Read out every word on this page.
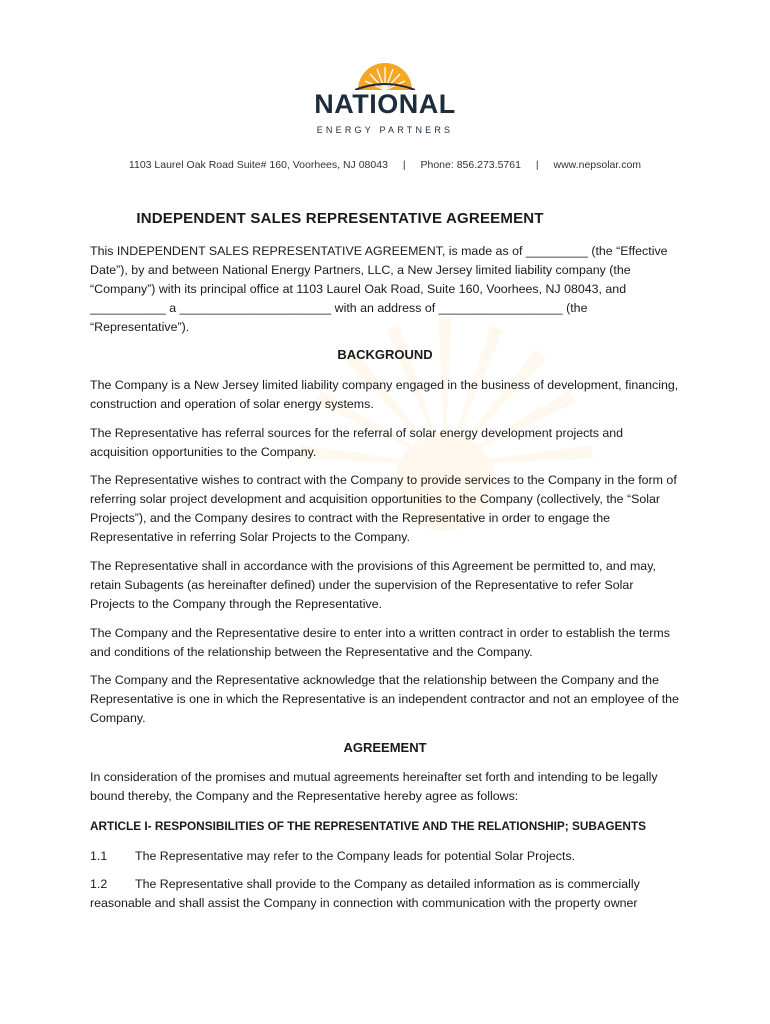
NATIONAL
ENERGY PARTNERS
1103 Laurel Oak Road Suite# 160, Voorhees, NJ 08043 | Phone: 856.273.5761 | www.nepsolar.com
INDEPENDENT SALES REPRESENTATIVE AGREEMENT

This INDEPENDENT SALES REPRESENTATIVE AGREEMENT, is made as of _________ (the “Effective Date”), by and between National Energy Partners, LLC, a New Jersey limited liability company (the “Company”) with its principal office at 1103 Laurel Oak Road, Suite 160, Voorhees, NJ 08043, and ___________ a ______________________ with an address of __________________ (the “Representative”).

BACKGROUND

The Company is a New Jersey limited liability company engaged in the business of development, financing, construction and operation of solar energy systems.

The Representative has referral sources for the referral of solar energy development projects and acquisition opportunities to the Company.

The Representative wishes to contract with the Company to provide services to the Company in the form of referring solar project development and acquisition opportunities to the Company (collectively, the “Solar Projects”), and the Company desires to contract with the Representative in order to engage the Representative in referring Solar Projects to the Company.

The Representative shall in accordance with the provisions of this Agreement be permitted to, and may, retain Subagents (as hereinafter defined) under the supervision of the Representative to refer Solar Projects to the Company through the Representative.

The Company and the Representative desire to enter into a written contract in order to establish the terms and conditions of the relationship between the Representative and the Company.

The Company and the Representative acknowledge that the relationship between the Company and the Representative is one in which the Representative is an independent contractor and not an employee of the Company.

AGREEMENT

In consideration of the promises and mutual agreements hereinafter set forth and intending to be legally bound thereby, the Company and the Representative hereby agree as follows:

ARTICLE I- RESPONSIBILITIES OF THE REPRESENTATIVE AND THE RELATIONSHIP; SUBAGENTS

1.1 The Representative may refer to the Company leads for potential Solar Projects.

1.2 The Representative shall provide to the Company as detailed information as is commercially reasonable and shall assist the Company in connection with communication with the property owner
